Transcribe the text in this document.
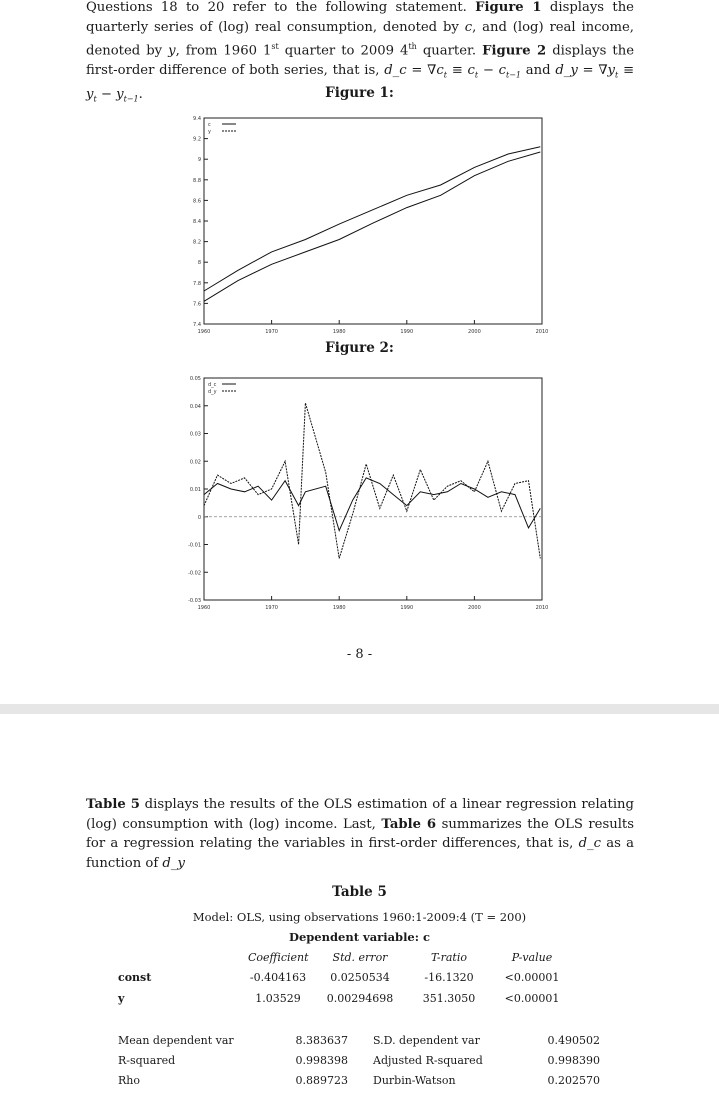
Questions 18 to 20 refer to the following statement. Figure 1 displays the quarterly series of (log) real consumption, denoted by c, and (log) real income, denoted by y, from 1960 1st quarter to 2009 4th quarter. Figure 2 displays the first-order difference of both series, that is, d_c = $\nabla c_t \equiv c_t - c_{t-1}$ and d_y = $\nabla y_t \equiv y_t - y_{t-1}$.	Figure 1:
9.4
9.2
9
8.8
8.6
8.4
8.2
8
7.8
7.6
7.4
1960	1970	1980	1990	2000	2010
c
y
Figure 2:
0.05
0.04
0.03
0.02
0.01
0
-0.01
-0.02
-0.03
1960	1970	1980	1990	2000	2010
d_c
d_y
- 8 -
Table 5 displays the results of the OLS estimation of a linear regression relating (log) consumption with (log) income. Last, Table 6 summarizes the OLS results for a regression relating the variables in first-order differences, that is, d_c as a function of d_y
Table 5
Model: OLS, using observations 1960:1-2009:4 (T = 200)
Dependent variable: c
Coefficient	Std. error	T-ratio	P-value
const	-0.404163	0.0250534	-16.1320	<0.00001
y	1.03529	0.00294698	351.3050	<0.00001
Mean dependent var	8.383637 S.D. dependent var	0.490502
R-squared	0.998398 Adjusted R-squared	0.998390
Rho	0.889723 Durbin-Watson	0.202570
